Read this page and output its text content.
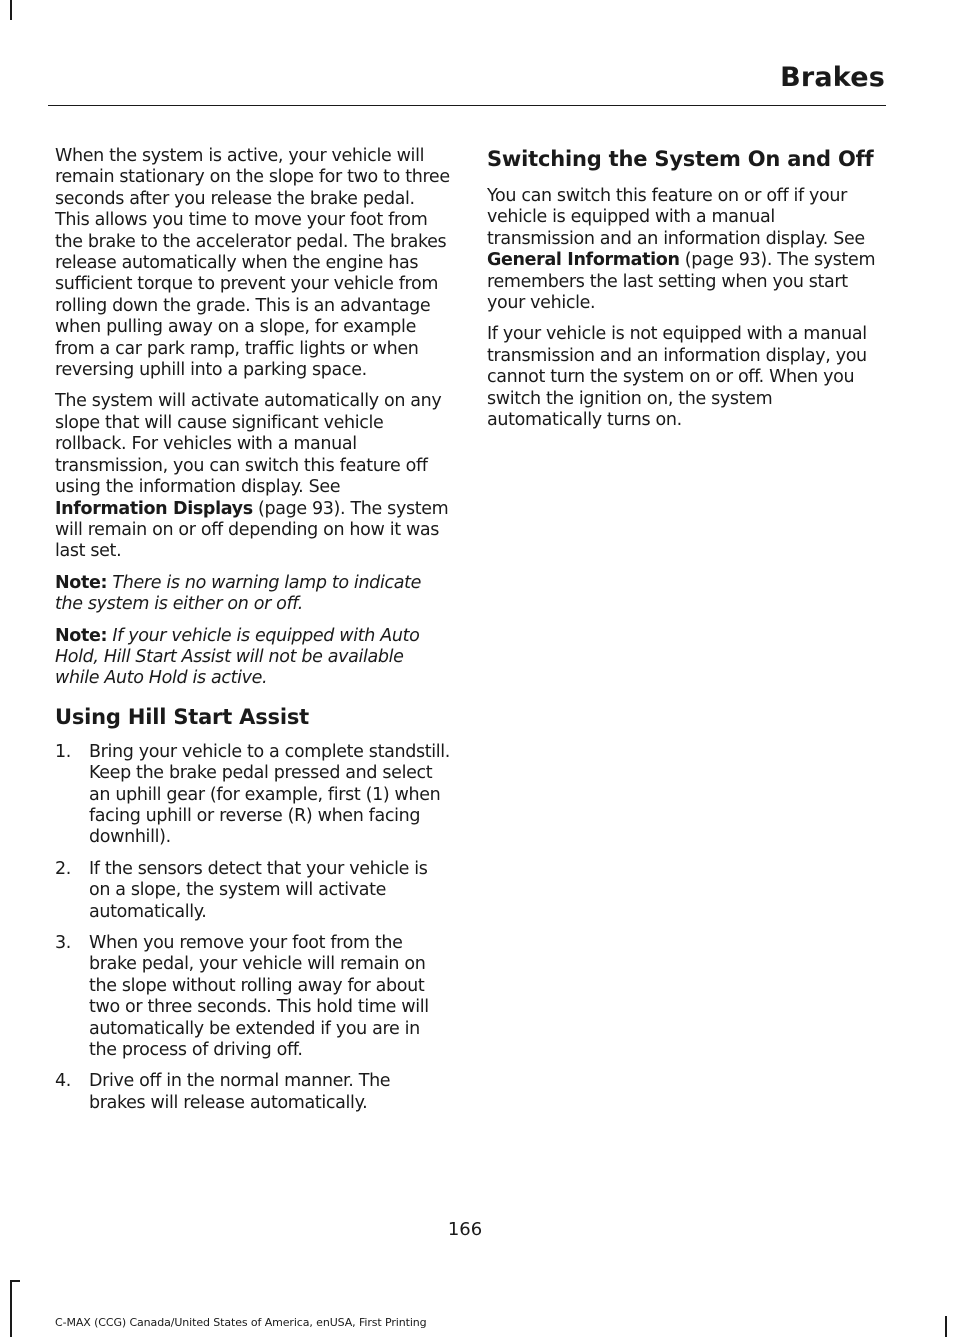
Brakes

When the system is active, your vehicle will remain stationary on the slope for two to three seconds after you release the brake pedal. This allows you time to move your foot from the brake to the accelerator pedal. The brakes release automatically when the engine has sufficient torque to prevent your vehicle from rolling down the grade. This is an advantage when pulling away on a slope, for example from a car park ramp, traffic lights or when reversing uphill into a parking space.

The system will activate automatically on any slope that will cause significant vehicle rollback. For vehicles with a manual transmission, you can switch this feature off using the information display. See Information Displays (page 93). The system will remain on or off depending on how it was last set.

Note: There is no warning lamp to indicate the system is either on or off.

Note: If your vehicle is equipped with Auto Hold, Hill Start Assist will not be available while Auto Hold is active.

Using Hill Start Assist
1. Bring your vehicle to a complete standstill. Keep the brake pedal pressed and select an uphill gear (for example, first (1) when facing uphill or reverse (R) when facing downhill).
2. If the sensors detect that your vehicle is on a slope, the system will activate automatically.
3. When you remove your foot from the brake pedal, your vehicle will remain on the slope without rolling away for about two or three seconds. This hold time will automatically be extended if you are in the process of driving off.
4. Drive off in the normal manner. The brakes will release automatically.
Switching the System On and Off

You can switch this feature on or off if your vehicle is equipped with a manual transmission and an information display. See General Information (page 93). The system remembers the last setting when you start your vehicle.

If your vehicle is not equipped with a manual transmission and an information display, you cannot turn the system on or off. When you switch the ignition on, the system automatically turns on.

166
C-MAX (CCG) Canada/United States of America, enUSA, First Printing
